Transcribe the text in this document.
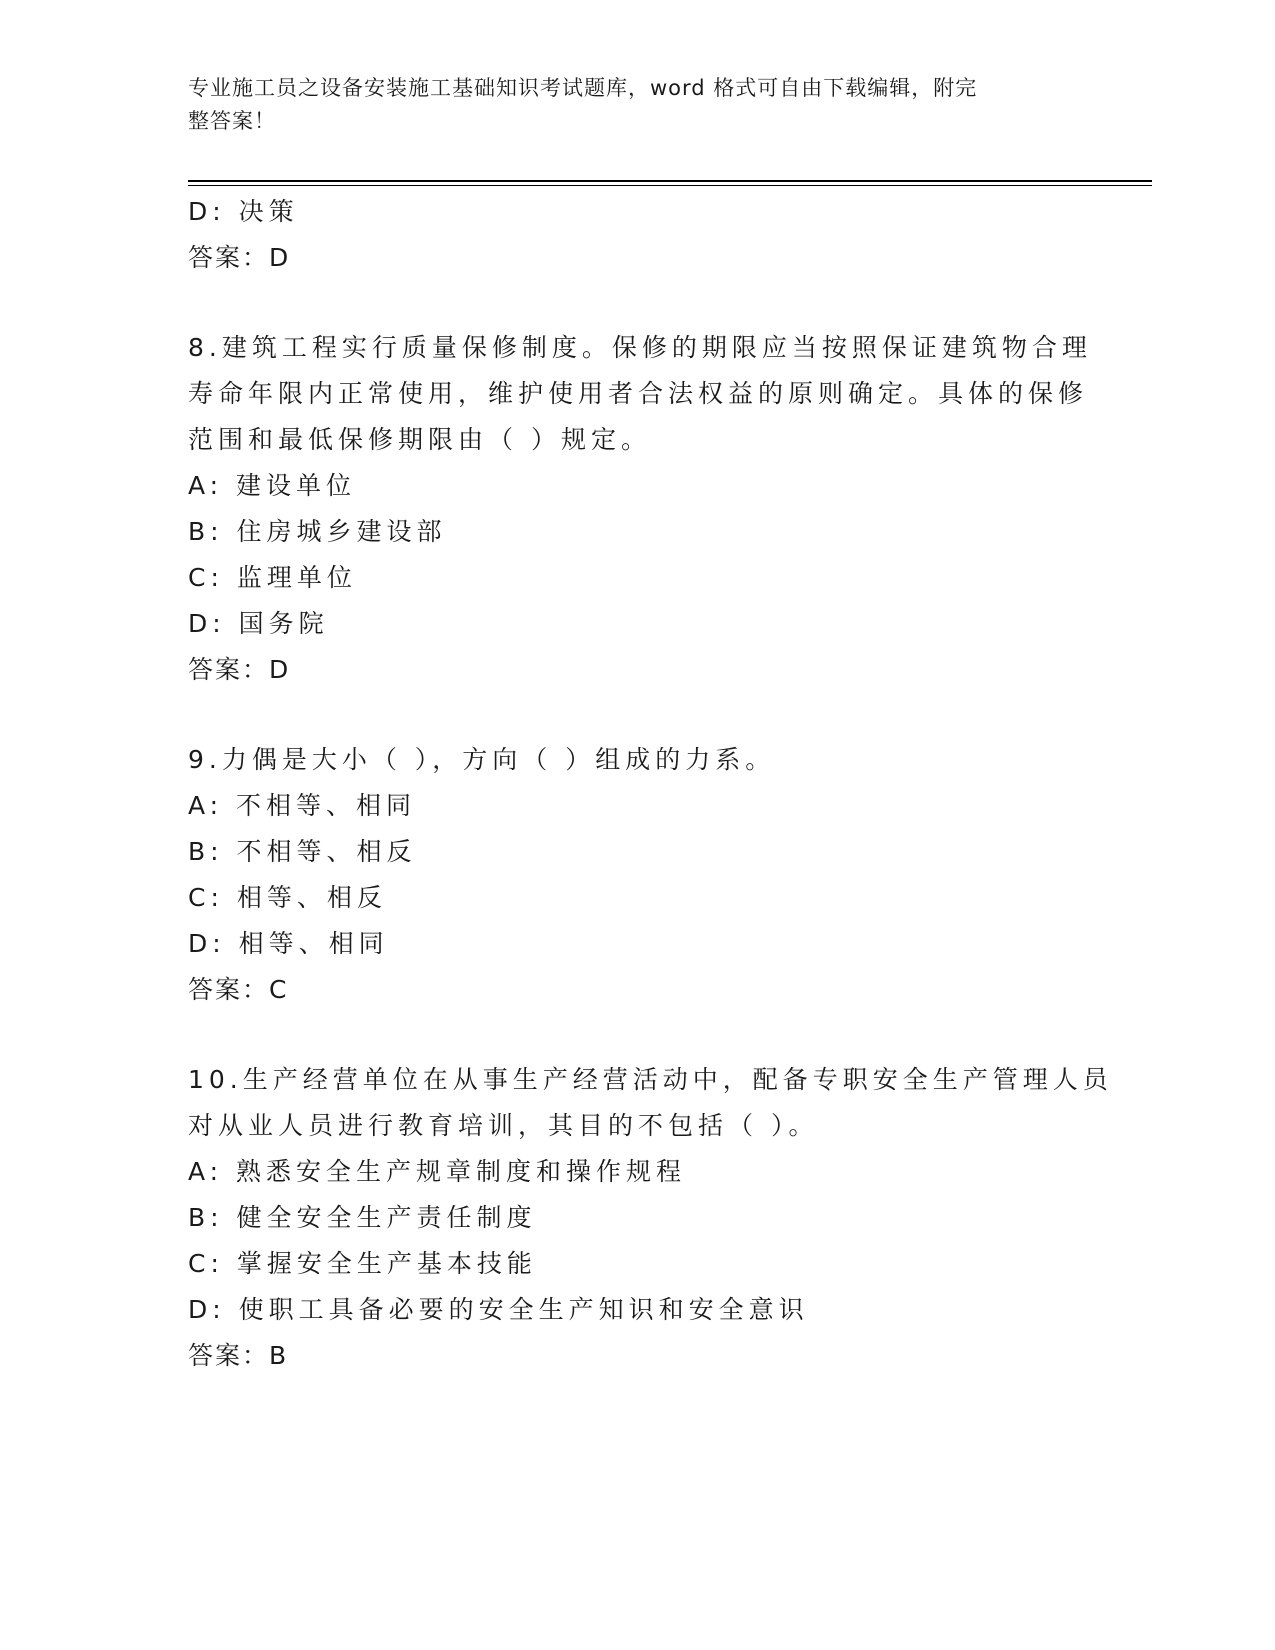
专业施工员之设备安装施工基础知识考试题库，word 格式可自由下载编辑，附完
整答案！
D: 决策
答案：D
8.建筑工程实行质量保修制度。保修的期限应当按照保证建筑物合理
寿命年限内正常使用，维护使用者合法权益的原则确定。具体的保修
范围和最低保修期限由（ ）规定。
A: 建设单位
B: 住房城乡建设部
C: 监理单位
D: 国务院
答案：D
9.力偶是大小（ ），方向（ ）组成的力系。
A: 不相等、相同
B: 不相等、相反
C: 相等、相反
D: 相等、相同
答案：C
10.生产经营单位在从事生产经营活动中，配备专职安全生产管理人员
对从业人员进行教育培训，其目的不包括（ ）。
A: 熟悉安全生产规章制度和操作规程
B: 健全安全生产责任制度
C: 掌握安全生产基本技能
D: 使职工具备必要的安全生产知识和安全意识
答案：B
